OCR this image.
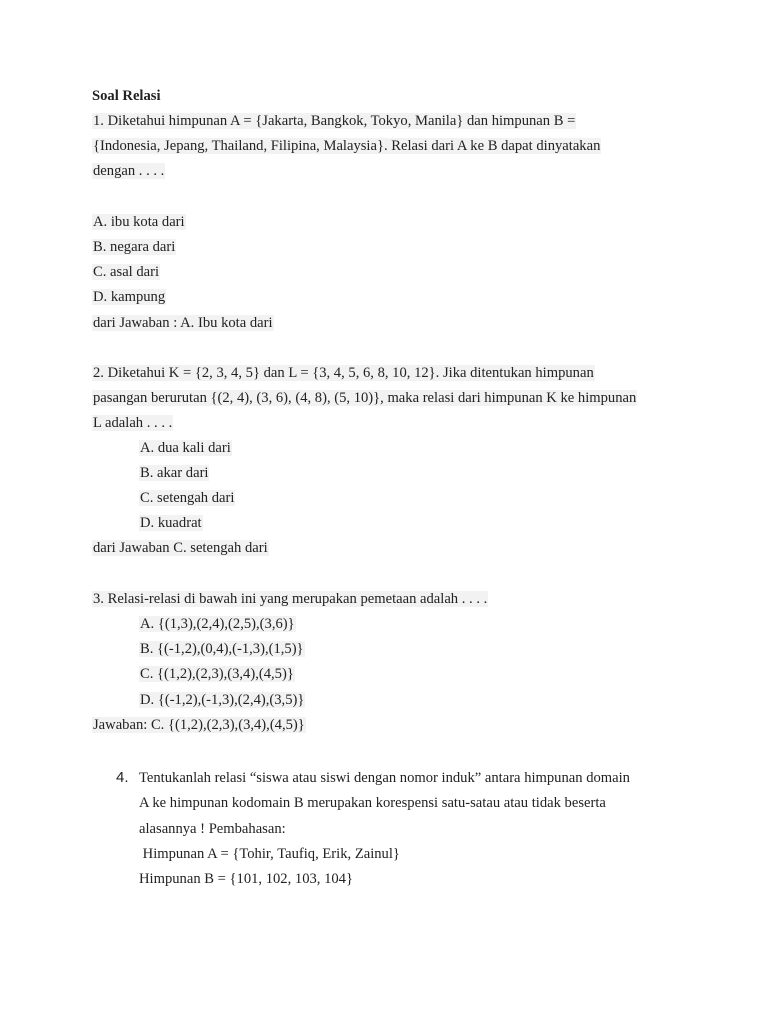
Soal Relasi
1. Diketahui himpunan A = {Jakarta, Bangkok, Tokyo, Manila} dan himpunan B =
{Indonesia, Jepang, Thailand, Filipina, Malaysia}. Relasi dari A ke B dapat dinyatakan
dengan . . . .
A. ibu kota dari
B. negara dari
C. asal dari
D. kampung
dari Jawaban : A. Ibu kota dari
2. Diketahui K = {2, 3, 4, 5} dan L = {3, 4, 5, 6, 8, 10, 12}. Jika ditentukan himpunan
pasangan berurutan {(2, 4), (3, 6), (4, 8), (5, 10)}, maka relasi dari himpunan K ke himpunan
L adalah . . . .
A. dua kali dari
B. akar dari
C. setengah dari
D. kuadrat
dari Jawaban C. setengah dari
3. Relasi-relasi di bawah ini yang merupakan pemetaan adalah . . . .
A. {(1,3),(2,4),(2,5),(3,6)}
B. {(-1,2),(0,4),(-1,3),(1,5)}
C. {(1,2),(2,3),(3,4),(4,5)}
D. {(-1,2),(-1,3),(2,4),(3,5)}
Jawaban: C. {(1,2),(2,3),(3,4),(4,5)}
4. Tentukanlah relasi “siswa atau siswi dengan nomor induk” antara himpunan domain
A ke himpunan kodomain B merupakan korespensi satu-satau atau tidak beserta
alasannya ! Pembahasan:
Himpunan A = {Tohir, Taufiq, Erik, Zainul}
Himpunan B = {101, 102, 103, 104}
